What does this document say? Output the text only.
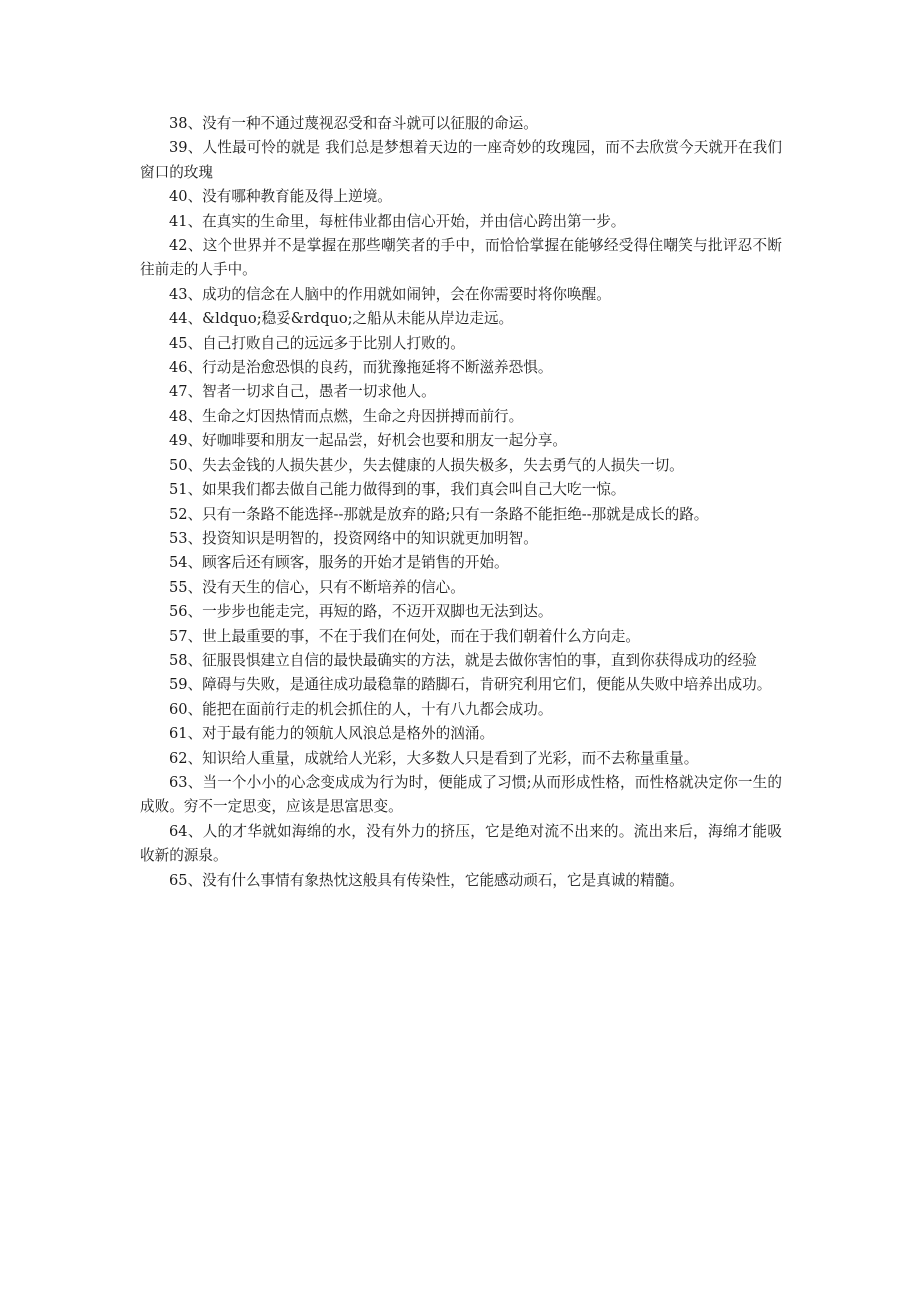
38、没有一种不通过蔑视忍受和奋斗就可以征服的命运。

39、人性最可怜的就是 我们总是梦想着天边的一座奇妙的玫瑰园，而不去欣赏今天就开在我们窗口的玫瑰

40、没有哪种教育能及得上逆境。

41、在真实的生命里，每桩伟业都由信心开始，并由信心跨出第一步。

42、这个世界并不是掌握在那些嘲笑者的手中，而恰恰掌握在能够经受得住嘲笑与批评忍不断往前走的人手中。

43、成功的信念在人脑中的作用就如闹钟，会在你需要时将你唤醒。

44、&ldquo;稳妥&rdquo;之船从未能从岸边走远。

45、自己打败自己的远远多于比别人打败的。

46、行动是治愈恐惧的良药，而犹豫拖延将不断滋养恐惧。

47、智者一切求自己，愚者一切求他人。

48、生命之灯因热情而点燃，生命之舟因拼搏而前行。

49、好咖啡要和朋友一起品尝，好机会也要和朋友一起分享。

50、失去金钱的人损失甚少，失去健康的人损失极多，失去勇气的人损失一切。

51、如果我们都去做自己能力做得到的事，我们真会叫自己大吃一惊。

52、只有一条路不能选择--那就是放弃的路;只有一条路不能拒绝--那就是成长的路。

53、投资知识是明智的，投资网络中的知识就更加明智。

54、顾客后还有顾客，服务的开始才是销售的开始。

55、没有天生的信心，只有不断培养的信心。

56、一步步也能走完，再短的路，不迈开双脚也无法到达。

57、世上最重要的事，不在于我们在何处，而在于我们朝着什么方向走。

58、征服畏惧建立自信的最快最确实的方法，就是去做你害怕的事，直到你获得成功的经验

59、障碍与失败，是通往成功最稳靠的踏脚石，肯研究利用它们，便能从失败中培养出成功。

60、能把在面前行走的机会抓住的人，十有八九都会成功。

61、对于最有能力的领航人风浪总是格外的汹涌。

62、知识给人重量，成就给人光彩，大多数人只是看到了光彩，而不去称量重量。

63、当一个小小的心念变成成为行为时，便能成了习惯;从而形成性格，而性格就决定你一生的成败。穷不一定思变，应该是思富思变。

64、人的才华就如海绵的水，没有外力的挤压，它是绝对流不出来的。流出来后，海绵才能吸收新的源泉。

65、没有什么事情有象热忱这般具有传染性，它能感动顽石，它是真诚的精髓。
